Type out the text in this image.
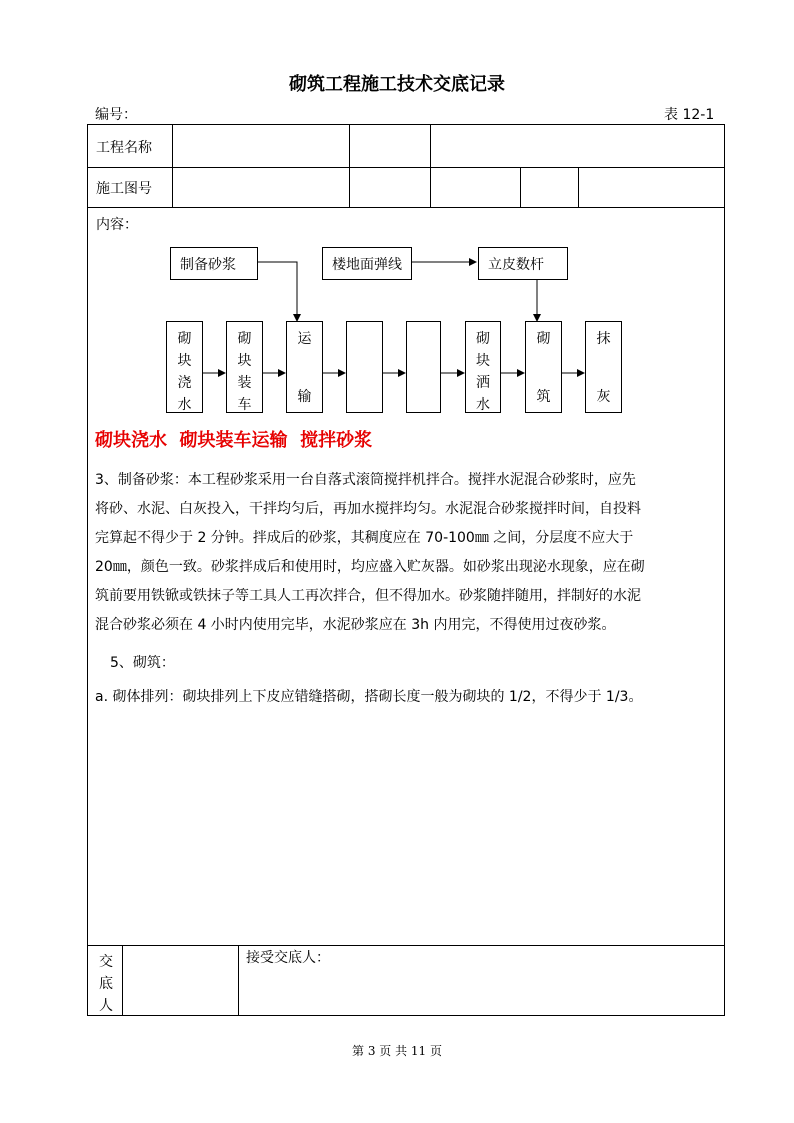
砌筑工程施工技术交底记录
编号：	表 12-1
工程名称
施工图号
内容：
交
底
人
接受交底人：
制备砂浆	楼地面弹线	立皮数杆
砌
块
浇
水
砌
块
装
车
运
输
砌
块
洒
水
砌
筑
抹
灰
砌块浇水  砌块装车运输  搅拌砂浆
3、制备砂浆：本工程砂浆采用一台自落式滚筒搅拌机拌合。搅拌水泥混合砂浆时，应先
将砂、水泥、白灰投入，干拌均匀后，再加水搅拌均匀。水泥混合砂浆搅拌时间，自投料
完算起不得少于 2 分钟。拌成后的砂浆，其稠度应在 70-100㎜ 之间，分层度不应大于
20㎜，颜色一致。砂浆拌成后和使用时，均应盛入贮灰器。如砂浆出现泌水现象，应在砌
筑前要用铁锨或铁抹子等工具人工再次拌合，但不得加水。砂浆随拌随用，拌制好的水泥
混合砂浆必须在 4 小时内使用完毕，水泥砂浆应在 3h 内用完，不得使用过夜砂浆。
5、砌筑：
a. 砌体排列：砌块排列上下皮应错缝搭砌，搭砌长度一般为砌块的 1/2，不得少于 1/3。
第 3 页 共 11 页
